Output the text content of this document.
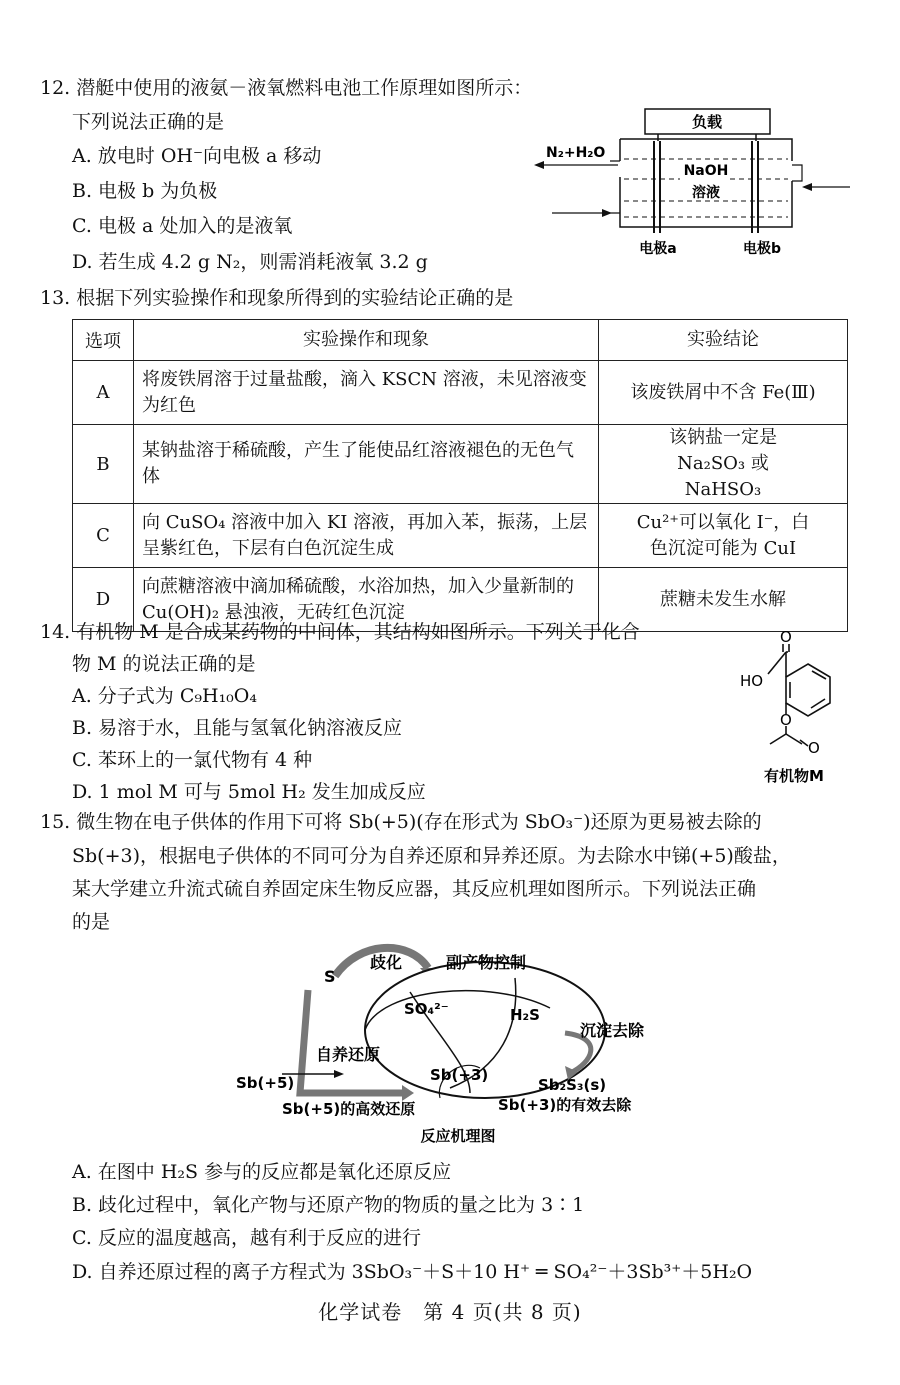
12. 潜艇中使用的液氨－液氧燃料电池工作原理如图所示：
下列说法正确的是
A. 放电时 OH⁻向电极 a 移动
B. 电极 b 为负极
C. 电极 a 处加入的是液氧
D. 若生成 4.2 g N₂，则需消耗液氧 3.2 g
负载
NaOH
溶液
N₂+H₂O
电极a	电极b
13. 根据下列实验操作和现象所得到的实验结论正确的是
选项	实验操作和现象	实验结论
A	将废铁屑溶于过量盐酸，滴入 KSCN 溶液，未见溶液变为红色	该废铁屑中不含 Fe(Ⅲ)
B	某钠盐溶于稀硫酸，产生了能使品红溶液褪色的无色气体	该钠盐一定是 Na₂SO₃ 或 NaHSO₃
C	向 CuSO₄ 溶液中加入 KI 溶液，再加入苯，振荡，上层呈紫红色，下层有白色沉淀生成	Cu²⁺可以氧化 I⁻，白色沉淀可能为 CuI
D	向蔗糖溶液中滴加稀硫酸，水浴加热，加入少量新制的 Cu(OH)₂ 悬浊液，无砖红色沉淀	蔗糖未发生水解
14. 有机物 M 是合成某药物的中间体，其结构如图所示。下列关于化合
物 M 的说法正确的是
A. 分子式为 C₉H₁₀O₄
B. 易溶于水，且能与氢氧化钠溶液反应
C. 苯环上的一氯代物有 4 种
D. 1 mol M 可与 5mol H₂ 发生加成反应
O
HO
O
O
有机物M
15. 微生物在电子供体的作用下可将 Sb(+5)(存在形式为 SbO₃⁻)还原为更易被去除的
Sb(+3)，根据电子供体的不同可分为自养还原和异养还原。为去除水中锑(+5)酸盐，
某大学建立升流式硫自养固定床生物反应器，其反应机理如图所示。下列说法正确
的是
S
歧化	副产物控制
SO₄²⁻	H₂S
沉淀去除
自养还原
Sb(+5)	Sb(+3)
Sb₂S₃(s)
Sb(+5)的高效还原	Sb(+3)的有效去除
反应机理图
A. 在图中 H₂S 参与的反应都是氧化还原反应
B. 歧化过程中，氧化产物与还原产物的物质的量之比为 3∶1
C. 反应的温度越高，越有利于反应的进行
D. 自养还原过程的离子方程式为 3SbO₃⁻＋S＋10 H⁺ ═ SO₄²⁻＋3Sb³⁺＋5H₂O
化学试卷　第 4 页(共 8 页)
